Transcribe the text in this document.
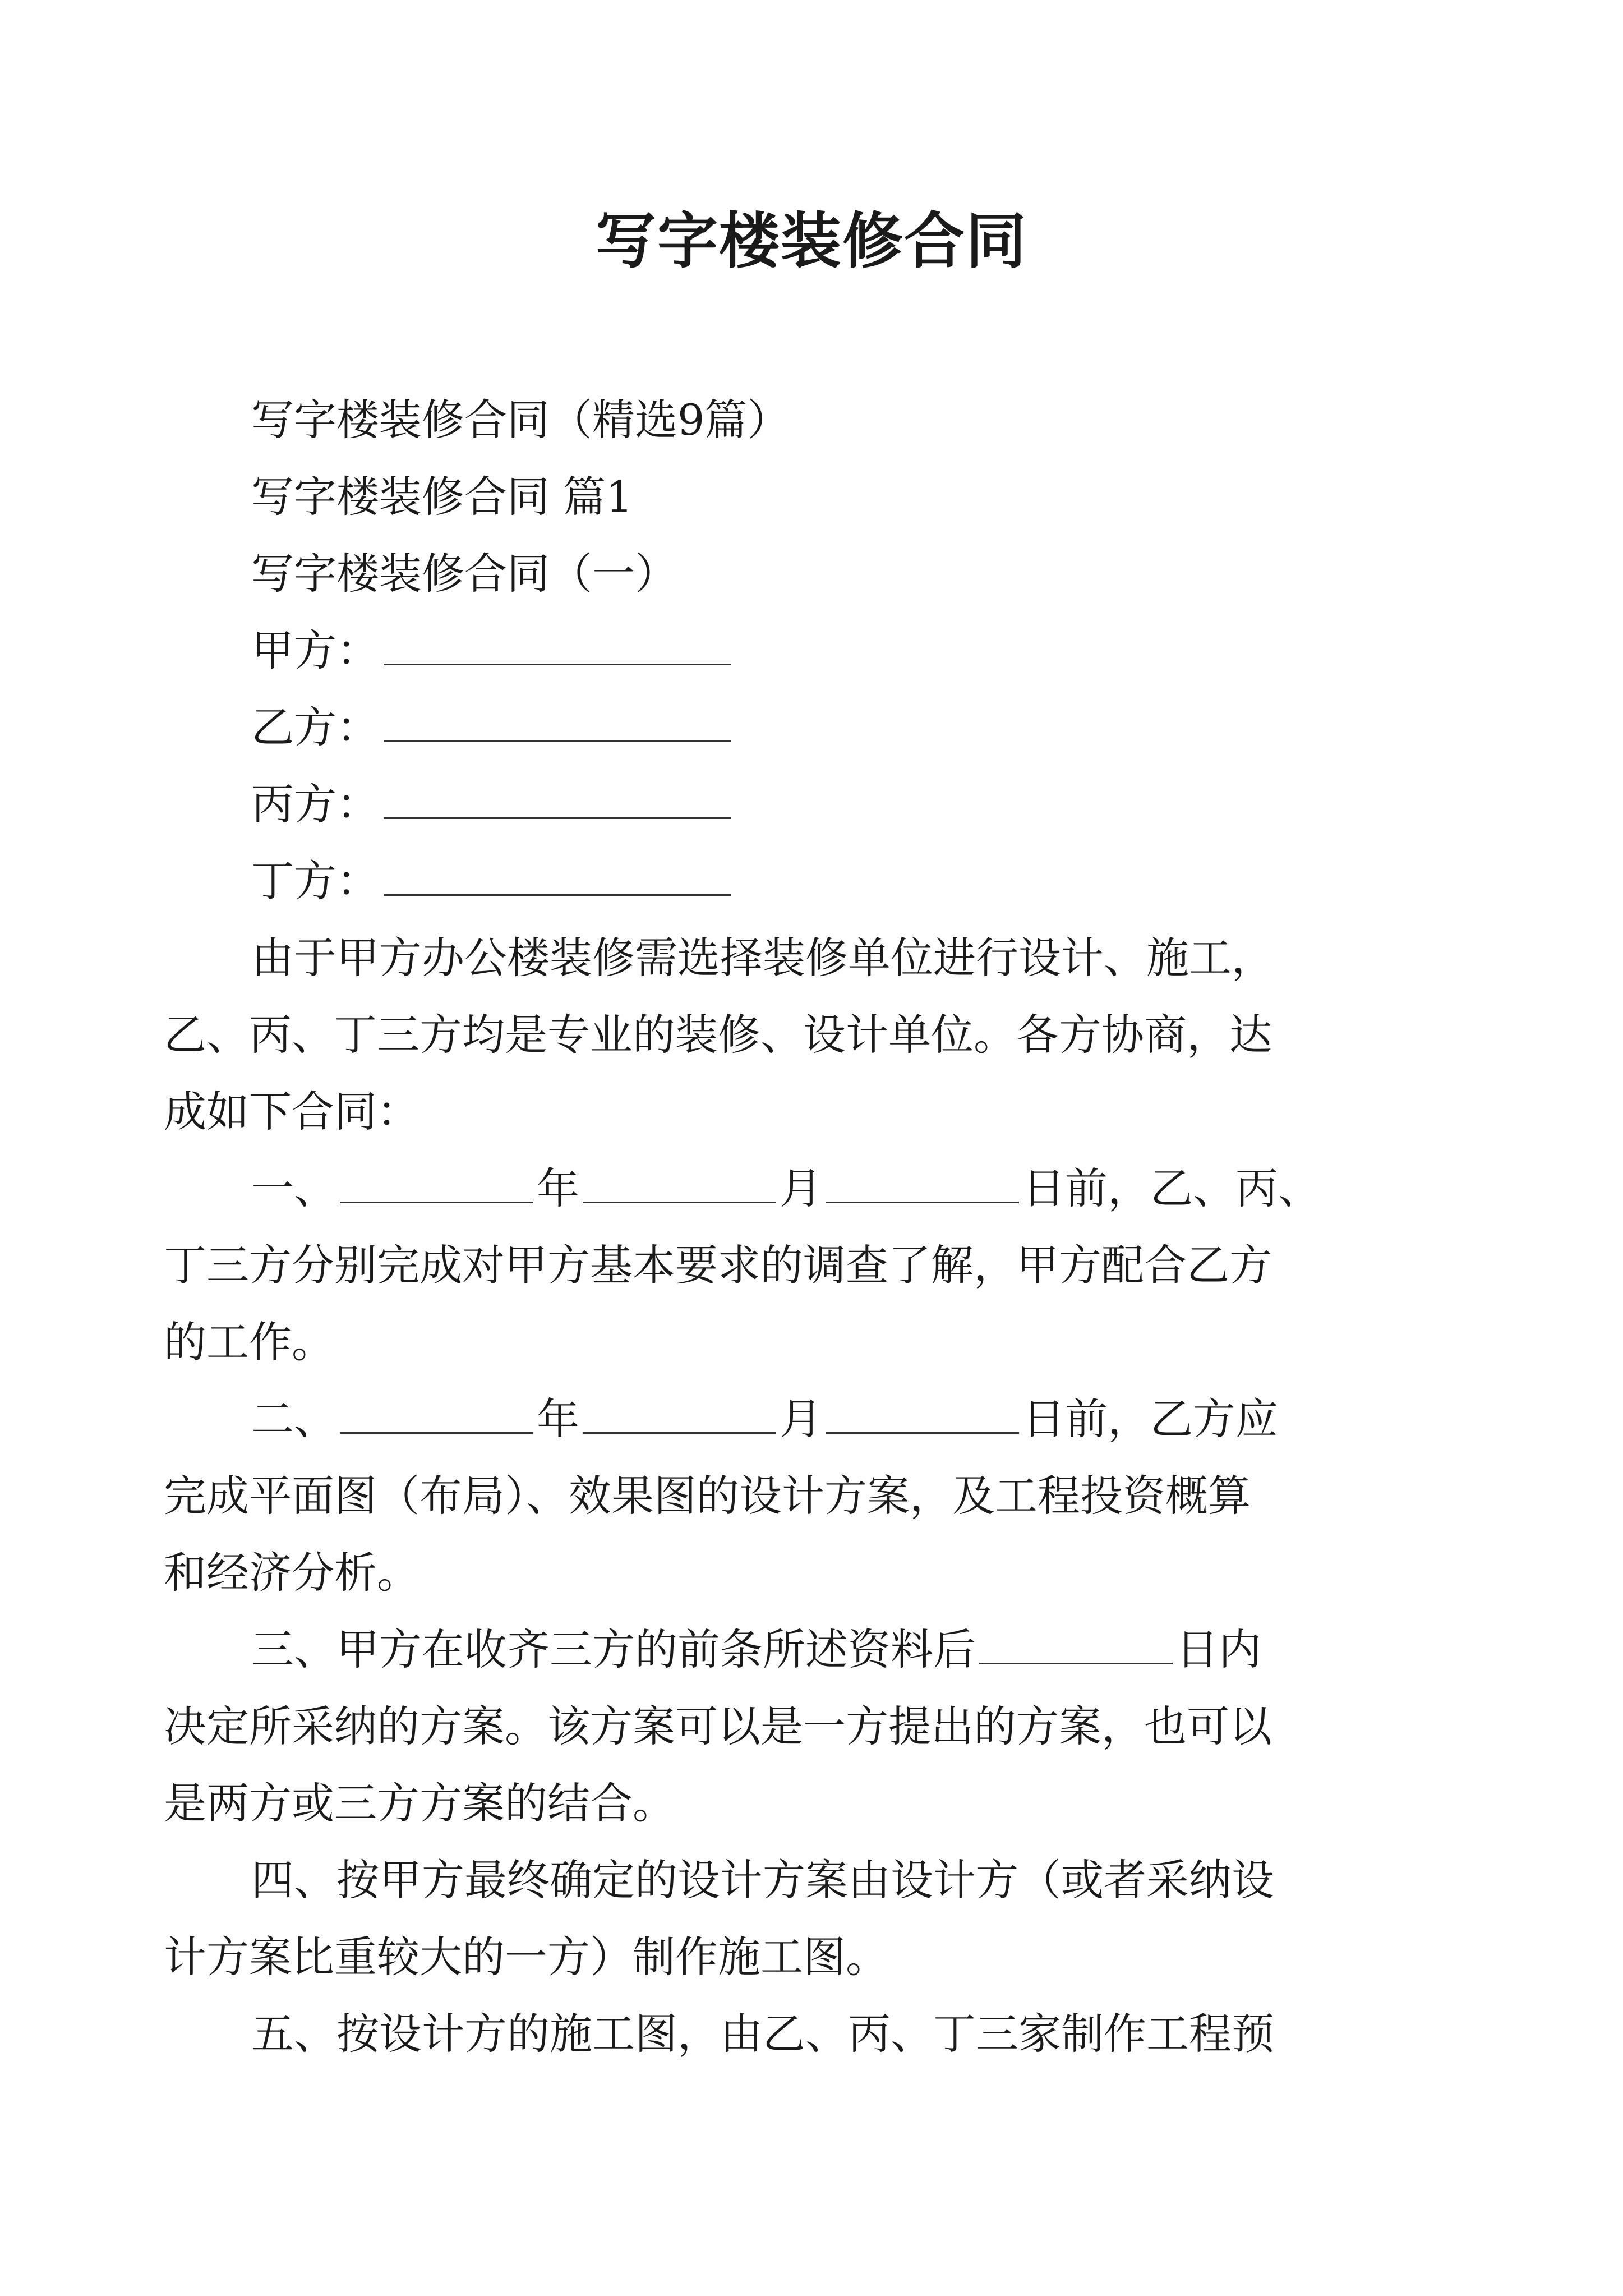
写字楼装修合同
写字楼装修合同（精选9篇）
写字楼装修合同 篇1
写字楼装修合同（一）
甲方：
乙方：
丙方：
丁方：
由于甲方办公楼装修需选择装修单位进行设计、施工，
乙、丙、丁三方均是专业的装修、设计单位。各方协商，达
成如下合同：
一、	年	月	日前，乙、丙、
丁三方分别完成对甲方基本要求的调查了解，甲方配合乙方
的工作。
二、	年	月	日前，乙方应
完成平面图（布局）、效果图的设计方案，及工程投资概算
和经济分析。
三、甲方在收齐三方的前条所述资料后	日内
决定所采纳的方案。该方案可以是一方提出的方案，也可以
是两方或三方方案的结合。
四、按甲方最终确定的设计方案由设计方（或者采纳设
计方案比重较大的一方）制作施工图。
五、按设计方的施工图，由乙、丙、丁三家制作工程预
